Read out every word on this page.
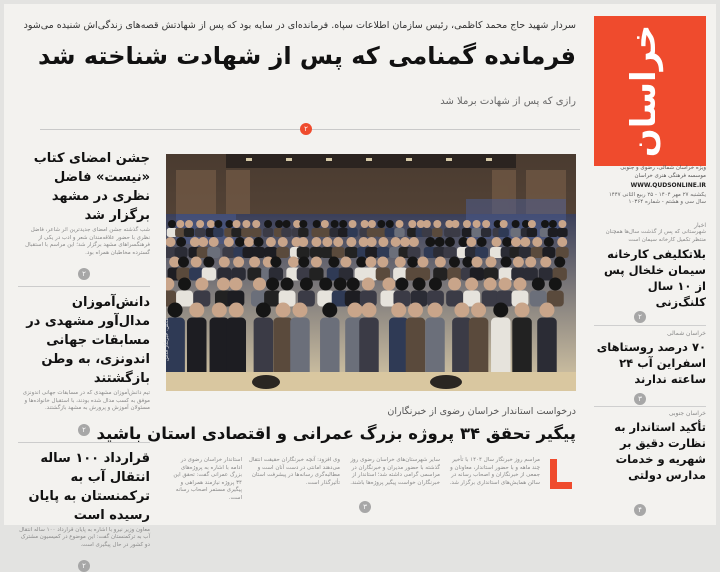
خراسان
ویژه خراسان شمالی، رضوی و جنوبی
موسسه فرهنگی هنری خراسان
WWW.QUDSONLINE.IR
یکشنبه ۲۷ مهر ۱۴۰۴ - ۲۵ ربیع الثانی ۱۴۴۷
سال سی و هشتم - شماره ۱۰۳۶۴
سردار شهید حاج محمد کاظمی، رئیس سازمان اطلاعات سپاه. فرمانده‌ای در سایه بود که پس از شهادتش قصه‌های زندگی‌اش شنیده می‌شود
فرمانده گمنامی که پس از شهادت شناخته شد
رازی که پس از شهادت برملا شد
۲
جشن امضای کتاب «نیست» فاضل نظری در مشهد برگزار شد
شب گذشته جشن امضای جدیدترین اثر شاعر، فاضل نظری با حضور علاقه‌مندان شعر و ادب در یکی از فرهنگسراهای مشهد برگزار شد؛ این مراسم با استقبال گسترده مخاطبان همراه بود.
۲
دانش‌آموزان مدال‌آور مشهدی در مسابقات جهانی اندونزی، به وطن بازگشتند
تیم دانش‌آموزان مشهدی که در مسابقات جهانی اندونزی موفق به کسب مدال شده بودند، با استقبال خانواده‌ها و مسئولان آموزش و پرورش به مشهد بازگشتند.
۲
قرارداد ۱۰۰ ساله انتقال آب به ترکمنستان به پایان رسیده است
معاون وزیر نیرو با اشاره به پایان قرارداد ۱۰۰ ساله انتقال آب به ترکمنستان گفت: این موضوع در کمیسیون مشترک دو کشور در حال پیگیری است.
۲
عکس: خبرنگار قدس
درخواست استاندار خراسان رضوی از خبرنگاران
پیگیر تحقق ۳۴ پروژه بزرگ عمرانی و اقتصادی استان باشید
مراسم روز خبرنگار سال ۱۴۰۴ با تأخیر چند ماهه و با حضور استاندار، معاونان و جمعی از خبرنگاران و اصحاب رسانه در سالن همایش‌های استانداری برگزار شد.
سایر شهرستان‌های خراسان رضوی روز گذشته با حضور مدیران و خبرنگاران در مراسمی گرامی داشته شد؛ استاندار از خبرنگاران خواست پیگیر پروژه‌ها باشند.
وی افزود: آنچه خبرنگاران حقیقت انتقال می‌دهند امانتی در دست آنان است و مطالبه‌گری رسانه‌ها در پیشرفت استان تأثیرگذار است.
استاندار خراسان رضوی در ادامه با اشاره به پروژه‌های بزرگ عمرانی گفت: تحقق این ۳۴ پروژه نیازمند همراهی و پیگیری مستمر اصحاب رسانه است.
۳
اخبار
شهرستانی که پس از گذشت سال‌ها همچنان منتظر تکمیل کارخانه سیمان است
بلاتکلیفی کارخانه سیمان خلخال پس از ۱۰ سال کلنگ‌زنی
۲
خراسان شمالی
۷۰ درصد روستاهای اسفراین آب ۲۴ ساعته ندارند
۳
خراسان جنوبی
تأکید استاندار به نظارت دقیق بر شهریه و خدمات مدارس دولتی
۴
